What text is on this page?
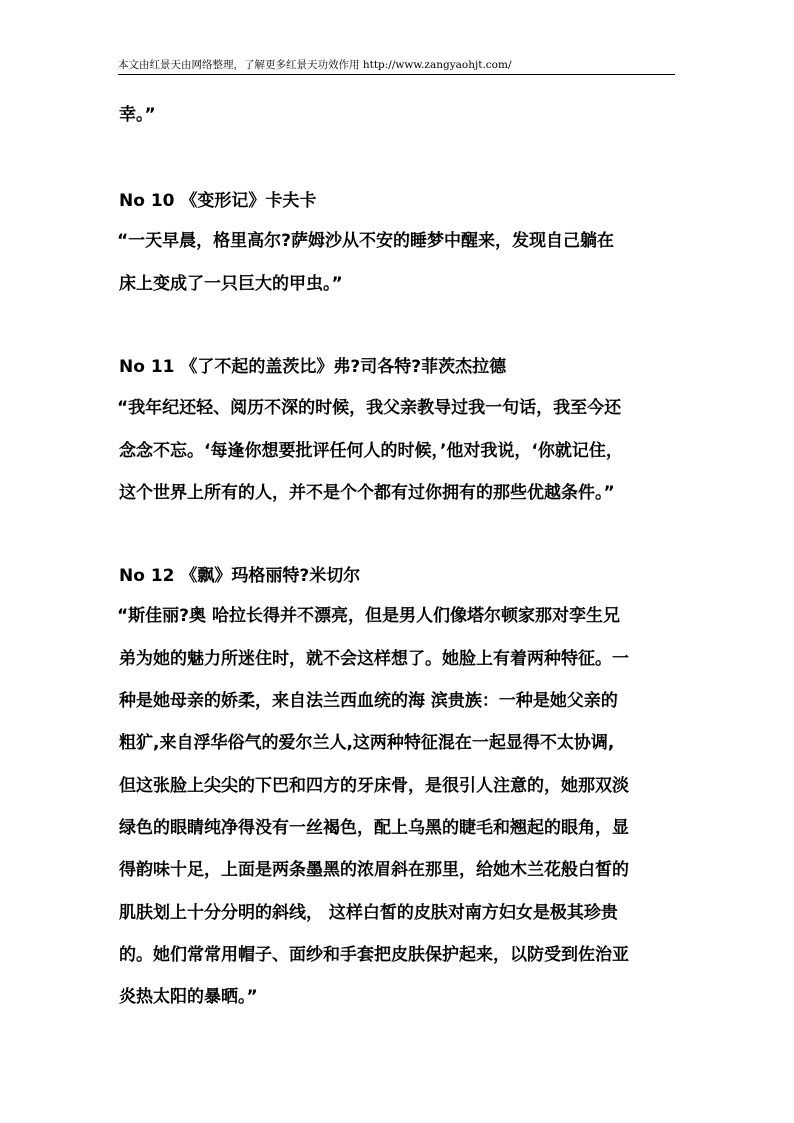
本文由红景天由网络整理，了解更多红景天功效作用 http://www.zangyaohjt.com/
幸。”
No 10 《变形记》卡夫卡
“一天早晨，格里高尔?萨姆沙从不安的睡梦中醒来，发现自己躺在
床上变成了一只巨大的甲虫。”
No 11 《了不起的盖茨比》弗?司各特?菲茨杰拉德
“我年纪还轻、阅历不深的时候，我父亲教导过我一句话，我至今还
念念不忘。‘每逢你想要批评任何人的时候，’他对我说，‘你就记住，
这个世界上所有的人，并不是个个都有过你拥有的那些优越条件。”
No 12 《飘》玛格丽特?米切尔
“斯佳丽?奥 哈拉长得并不漂亮，但是男人们像塔尔顿家那对孪生兄
弟为她的魅力所迷住时，就不会这样想了。她脸上有着两种特征。一
种是她母亲的娇柔，来自法兰西血统的海 滨贵族：一种是她父亲的
粗犷,来自浮华俗气的爱尔兰人,这两种特征混在一起显得不太协调,
但这张脸上尖尖的下巴和四方的牙床骨，是很引人注意的，她那双淡
绿色的眼睛纯净得没有一丝褐色，配上乌黑的睫毛和翘起的眼角，显
得韵味十足，上面是两条墨黑的浓眉斜在那里，给她木兰花般白皙的
肌肤划上十分分明的斜线， 这样白皙的皮肤对南方妇女是极其珍贵
的。她们常常用帽子、面纱和手套把皮肤保护起来，以防受到佐治亚
炎热太阳的暴晒。”
